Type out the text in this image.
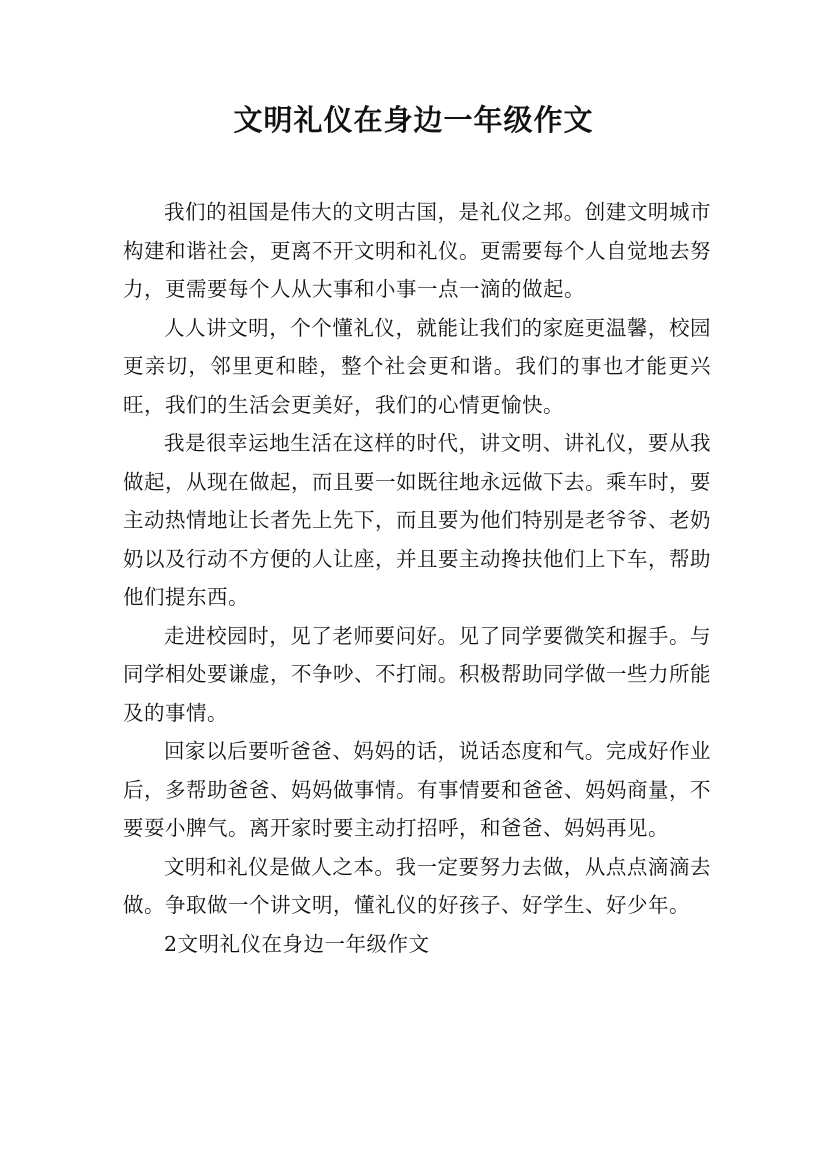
文明礼仪在身边一年级作文

我们的祖国是伟大的文明古国，是礼仪之邦。创建文明城市构建和谐社会，更离不开文明和礼仪。更需要每个人自觉地去努力，更需要每个人从大事和小事一点一滴的做起。

人人讲文明，个个懂礼仪，就能让我们的家庭更温馨，校园更亲切，邻里更和睦，整个社会更和谐。我们的事也才能更兴旺，我们的生活会更美好，我们的心情更愉快。

我是很幸运地生活在这样的时代，讲文明、讲礼仪，要从我做起，从现在做起，而且要一如既往地永远做下去。乘车时，要主动热情地让长者先上先下，而且要为他们特别是老爷爷、老奶奶以及行动不方便的人让座，并且要主动搀扶他们上下车，帮助他们提东西。

走进校园时，见了老师要问好。见了同学要微笑和握手。与同学相处要谦虚，不争吵、不打闹。积极帮助同学做一些力所能及的事情。

回家以后要听爸爸、妈妈的话，说话态度和气。完成好作业后，多帮助爸爸、妈妈做事情。有事情要和爸爸、妈妈商量，不要耍小脾气。离开家时要主动打招呼，和爸爸、妈妈再见。

文明和礼仪是做人之本。我一定要努力去做，从点点滴滴去做。争取做一个讲文明，懂礼仪的好孩子、好学生、好少年。

2文明礼仪在身边一年级作文
